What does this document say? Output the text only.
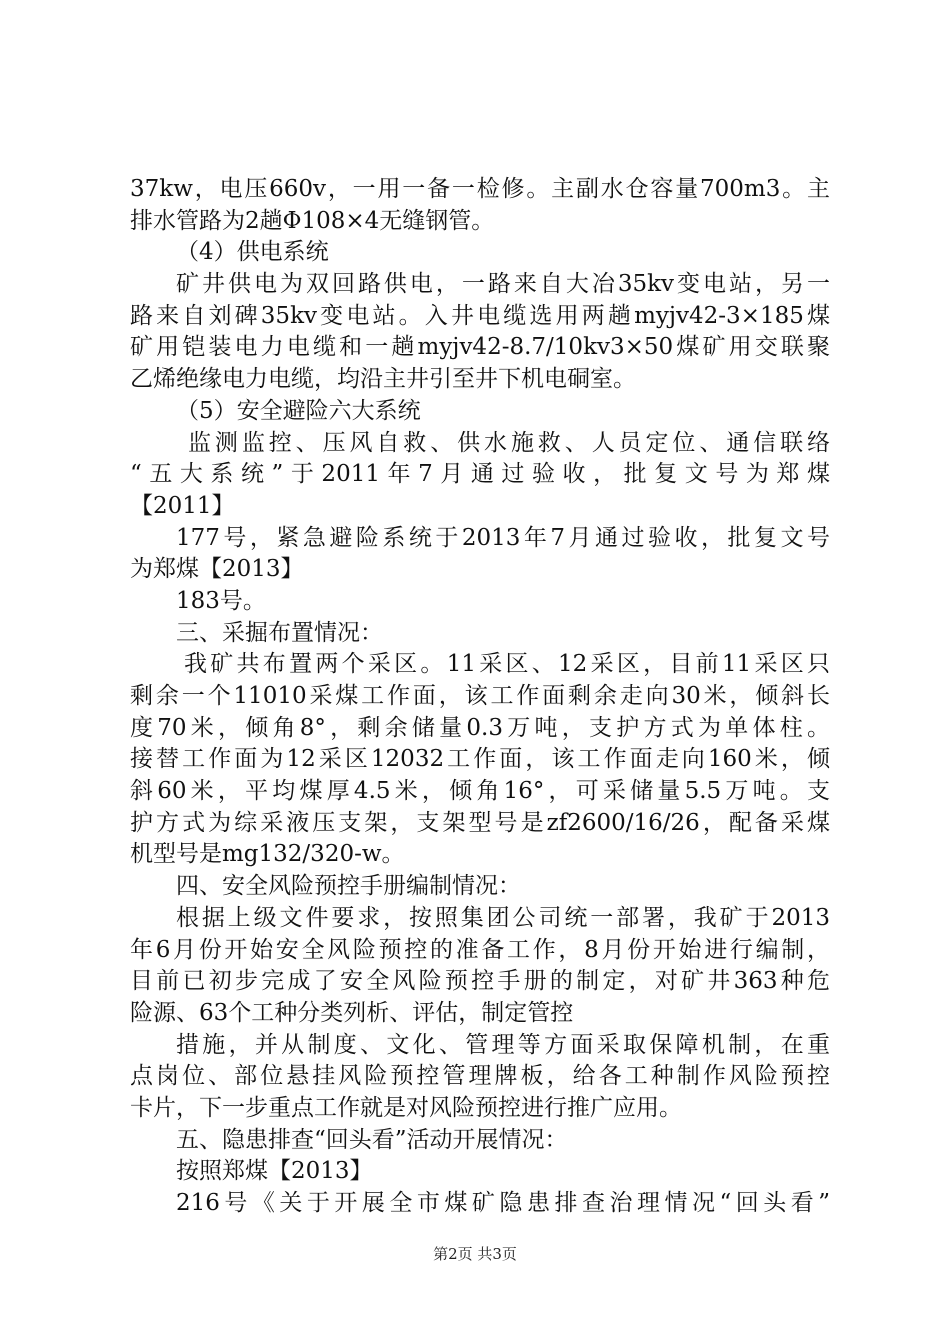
37kw，电压660v，一用一备一检修。主副水仓容量700m3。主
排水管路为2趟Φ108×4无缝钢管。
（4）供电系统
矿井供电为双回路供电，一路来自大冶35kv变电站，另一
路来自刘碑35kv变电站。入井电缆选用两趟myjv42-3×185煤
矿用铠装电力电缆和一趟myjv42-8.7/10kv3×50煤矿用交联聚
乙烯绝缘电力电缆，均沿主井引至井下机电硐室。
（5）安全避险六大系统
监测监控、压风自救、供水施救、人员定位、通信联络
“五大系统”于2011年7月通过验收，批复文号为郑煤
【2011】
177号，紧急避险系统于2013年7月通过验收，批复文号
为郑煤【2013】
183号。
三、采掘布置情况：
我矿共布置两个采区。11采区、12采区，目前11采区只
剩余一个11010采煤工作面，该工作面剩余走向30米，倾斜长
度70米，倾角8°，剩余储量0.3万吨，支护方式为单体柱。
接替工作面为12采区12032工作面，该工作面走向160米，倾
斜60米，平均煤厚4.5米，倾角16°，可采储量5.5万吨。支
护方式为综采液压支架，支架型号是zf2600/16/26，配备采煤
机型号是mg132/320-w。
四、安全风险预控手册编制情况：
根据上级文件要求，按照集团公司统一部署，我矿于2013
年6月份开始安全风险预控的准备工作，8月份开始进行编制，
目前已初步完成了安全风险预控手册的制定，对矿井363种危
险源、63个工种分类列析、评估，制定管控
措施，并从制度、文化、管理等方面采取保障机制，在重
点岗位、部位悬挂风险预控管理牌板，给各工种制作风险预控
卡片，下一步重点工作就是对风险预控进行推广应用。
五、隐患排查“回头看”活动开展情况：
按照郑煤【2013】
216号《关于开展全市煤矿隐患排查治理情况“回头看”
第2页 共3页
